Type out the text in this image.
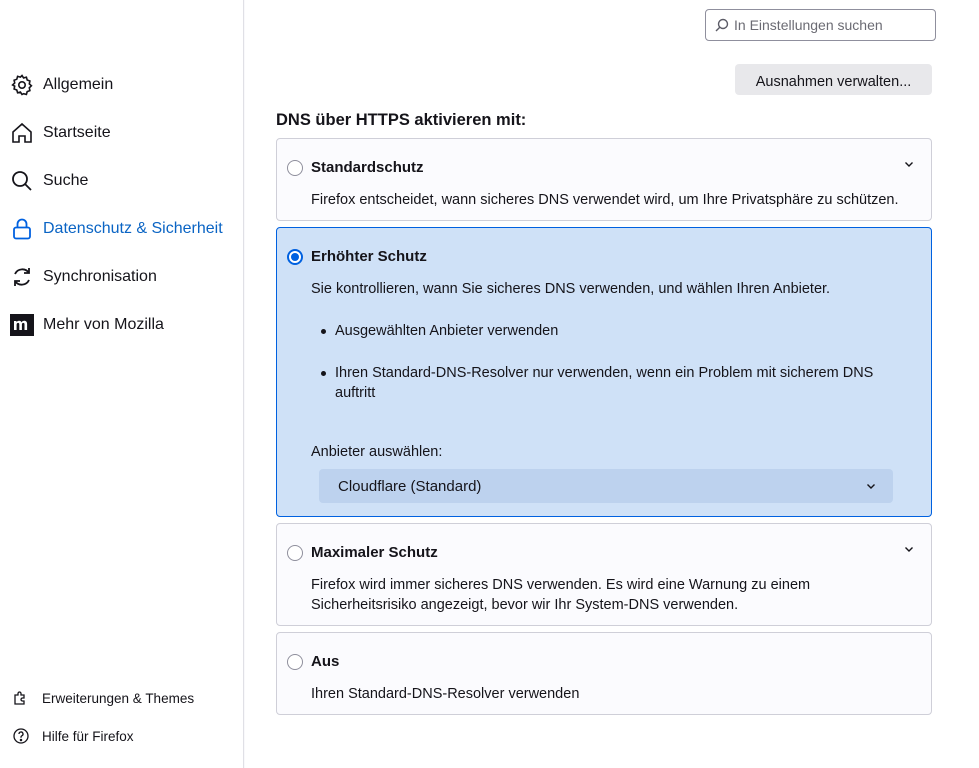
Allgemein
Startseite
Suche
Datenschutz & Sicherheit
Synchronisation
Mehr von Mozilla
Erweiterungen & Themes
Hilfe für Firefox
In Einstellungen suchen
Ausnahmen verwalten...
DNS über HTTPS aktivieren mit:
Standardschutz
Firefox entscheidet, wann sicheres DNS verwendet wird, um Ihre Privatsphäre zu schützen.
Erhöhter Schutz
Sie kontrollieren, wann Sie sicheres DNS verwenden, und wählen Ihren Anbieter.
Ausgewählten Anbieter verwenden
Ihren Standard-DNS-Resolver nur verwenden, wenn ein Problem mit sicherem DNS auftritt
Anbieter auswählen:
Cloudflare (Standard)
Maximaler Schutz
Firefox wird immer sicheres DNS verwenden. Es wird eine Warnung zu einem Sicherheitsrisiko angezeigt, bevor wir Ihr System-DNS verwenden.
Aus
Ihren Standard-DNS-Resolver verwenden
